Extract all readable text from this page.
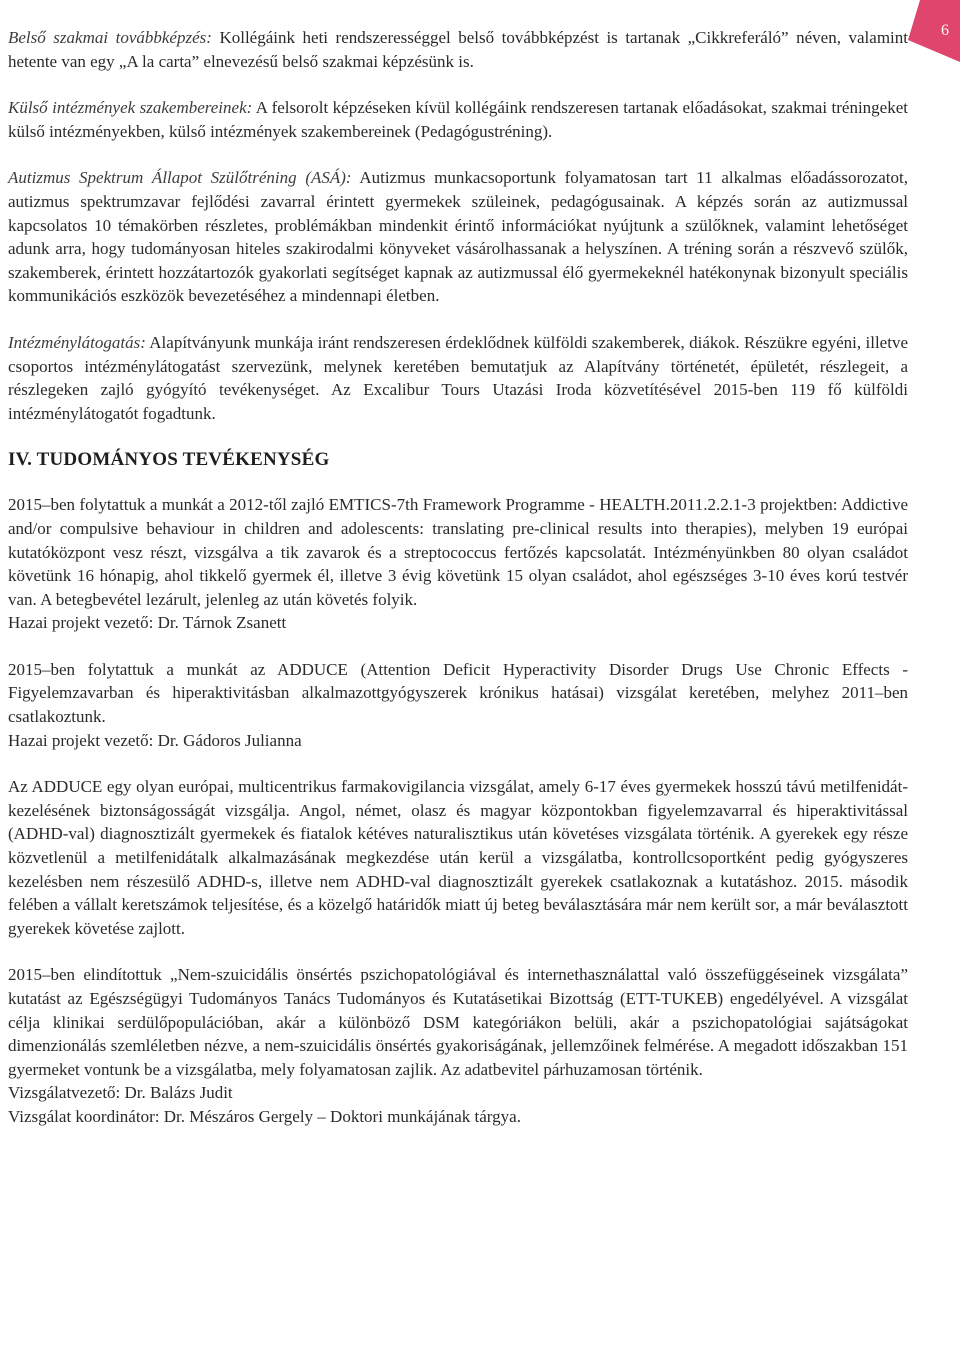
6

Belső szakmai továbbképzés: Kollégáink heti rendszerességgel belső továbbképzést is tartanak „Cikkreferáló” néven, valamint hetente van egy „A la carta” elnevezésű belső szakmai képzésünk is.

Külső intézmények szakembereinek: A felsorolt képzéseken kívül kollégáink rendszeresen tartanak előadásokat, szakmai tréningeket külső intézményekben, külső intézmények szakembereinek (Pedagógustréning).

Autizmus Spektrum Állapot Szülőtréning (ASÁ): Autizmus munkacsoportunk folyamatosan tart 11 alkalmas előadássorozatot, autizmus spektrumzavar fejlődési zavarral érintett gyermekek szüleinek, pedagógusainak. A képzés során az autizmussal kapcsolatos 10 témakörben részletes, problémákban mindenkit érintő információkat nyújtunk a szülőknek, valamint lehetőséget adunk arra, hogy tudományosan hiteles szakirodalmi könyveket vásárolhassanak a helyszínen. A tréning során a részvevő szülők, szakemberek, érintett hozzátartozók gyakorlati segítséget kapnak az autizmussal élő gyermekeknél hatékonynak bizonyult speciális kommunikációs eszközök bevezetéséhez a mindennapi életben.

Intézménylátogatás: Alapítványunk munkája iránt rendszeresen érdeklődnek külföldi szakemberek, diákok. Részükre egyéni, illetve csoportos intézménylátogatást szervezünk, melynek keretében bemutatjuk az Alapítvány történetét, épületét, részlegeit, a részlegeken zajló gyógyító tevékenységet. Az Excalibur Tours Utazási Iroda közvetítésével 2015-ben 119 fő külföldi intézménylátogatót fogadtunk.

IV. TUDOMÁNYOS TEVÉKENYSÉG

2015–ben folytattuk a munkát a 2012-től zajló EMTICS-7th Framework Programme - HEALTH.2011.2.2.1-3 projektben: Addictive and/or compulsive behaviour in children and adolescents: translating pre-clinical results into therapies), melyben 19 európai kutatóközpont vesz részt, vizsgálva a tik zavarok és a streptococcus fertőzés kapcsolatát. Intézményünkben 80 olyan családot követünk 16 hónapig, ahol tikkelő gyermek él, illetve 3 évig követünk 15 olyan családot, ahol egészséges 3-10 éves korú testvér van. A betegbevétel lezárult, jelenleg az után követés folyik.

Hazai projekt vezető: Dr. Tárnok Zsanett

2015–ben folytattuk a munkát az ADDUCE (Attention Deficit Hyperactivity Disorder Drugs Use Chronic Effects - Figyelemzavarban és hiperaktivitásban alkalmazottgyógyszerek krónikus hatásai) vizsgálat keretében, melyhez 2011–ben csatlakoztunk.

Hazai projekt vezető: Dr. Gádoros Julianna

Az ADDUCE egy olyan európai, multicentrikus farmakovigilancia vizsgálat, amely 6-17 éves gyermekek hosszú távú metilfenidát-kezelésének biztonságosságát vizsgálja. Angol, német, olasz és magyar központokban figyelemzavarral és hiperaktivitással (ADHD-val) diagnosztizált gyermekek és fiatalok kétéves naturalisztikus után követéses vizsgálata történik. A gyerekek egy része közvetlenül a metilfenidátalk alkalmazásának megkezdése után kerül a vizsgálatba, kontrollcsoportként pedig gyógyszeres kezelésben nem részesülő ADHD-s, illetve nem ADHD-val diagnosztizált gyerekek csatlakoznak a kutatáshoz. 2015. második felében a vállalt keretszámok teljesítése, és a közelgő határidők miatt új beteg beválasztására már nem került sor, a már beválasztott gyerekek követése zajlott.

2015–ben elindítottuk „Nem-szuicidális önsértés pszichopatológiával és internethasználattal való összefüggéseinek vizsgálata” kutatást az Egészségügyi Tudományos Tanács Tudományos és Kutatásetikai Bizottság (ETT-TUKEB) engedélyével. A vizsgálat célja klinikai serdülőpopulációban, akár a különböző DSM kategóriákon belüli, akár a pszichopatológiai sajátságokat dimenzionálás szemléletben nézve, a nem-szuicidális önsértés gyakoriságának, jellemzőinek felmérése. A megadott időszakban 151 gyermeket vontunk be a vizsgálatba, mely folyamatosan zajlik. Az adatbevitel párhuzamosan történik.

Vizsgálatvezető: Dr. Balázs Judit

Vizsgálat koordinátor: Dr. Mészáros Gergely – Doktori munkájának tárgya.
